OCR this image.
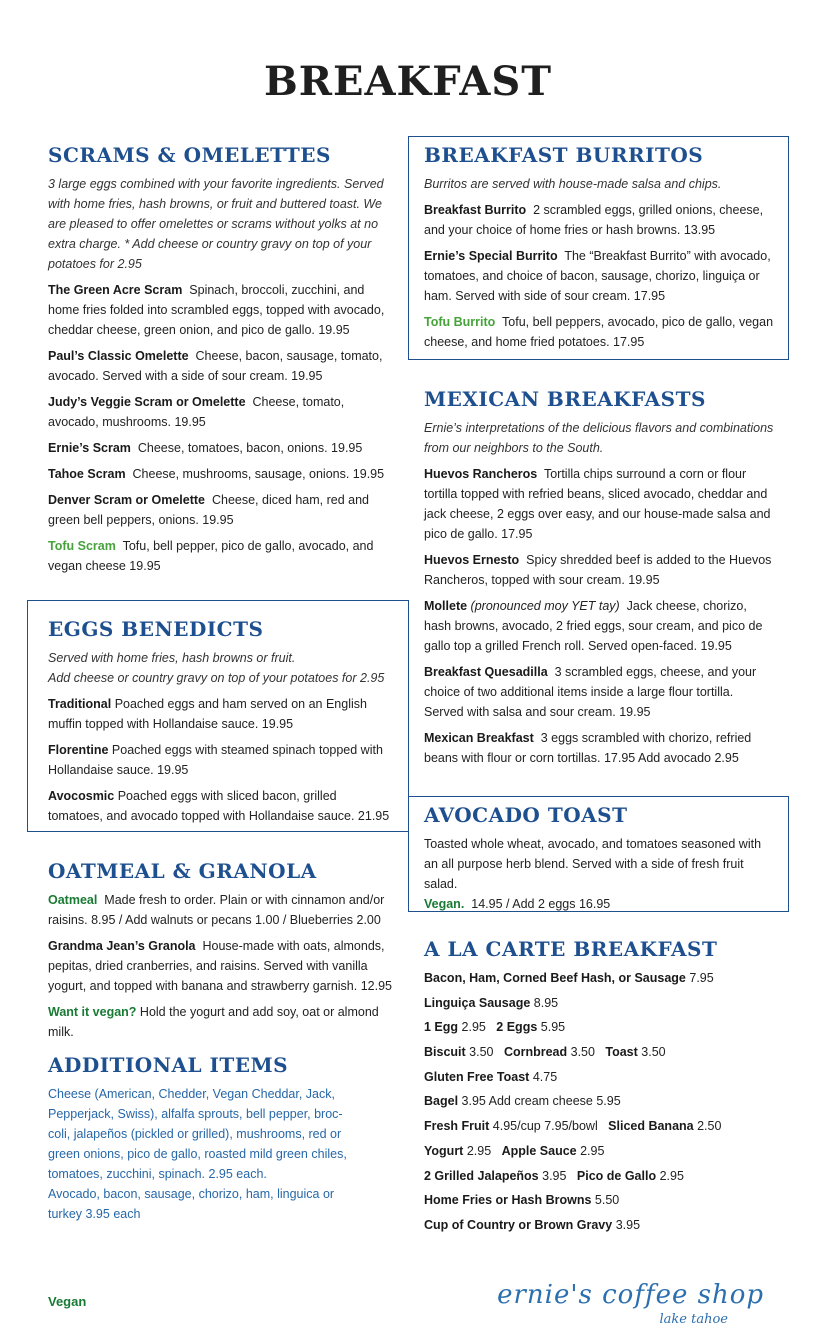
BREAKFAST
SCRAMS & OMELETTES
3 large eggs combined with your favorite ingredients. Served with home fries, hash browns, or fruit and buttered toast. We are pleased to offer omelettes or scrams without yolks at no extra charge. * Add cheese or country gravy on top of your potatoes for 2.95
The Green Acre Scram Spinach, broccoli, zucchini, and home fries folded into scrambled eggs, topped with avocado, cheddar cheese, green onion, and pico de gallo. 19.95
Paul’s Classic Omelette Cheese, bacon, sausage, tomato, avocado. Served with a side of sour cream. 19.95
Judy’s Veggie Scram or Omelette Cheese, tomato, avocado, mushrooms. 19.95
Ernie’s Scram Cheese, tomatoes, bacon, onions. 19.95
Tahoe Scram Cheese, mushrooms, sausage, onions. 19.95
Denver Scram or Omelette Cheese, diced ham, red and green bell peppers, onions. 19.95
Tofu Scram Tofu, bell pepper, pico de gallo, avocado, and vegan cheese 19.95
EGGS BENEDICTS
Served with home fries, hash browns or fruit.
Add cheese or country gravy on top of your potatoes for 2.95
Traditional Poached eggs and ham served on an English muffin topped with Hollandaise sauce. 19.95
Florentine Poached eggs with steamed spinach topped with Hollandaise sauce. 19.95
Avocosmic Poached eggs with sliced bacon, grilled tomatoes, and avocado topped with Hollandaise sauce. 21.95
OATMEAL & GRANOLA
Oatmeal Made fresh to order. Plain or with cinnamon and/or raisins. 8.95 / Add walnuts or pecans 1.00 / Blueberries 2.00
Grandma Jean’s Granola House-made with oats, almonds, pepitas, dried cranberries, and raisins. Served with vanilla yogurt, and topped with banana and strawberry garnish. 12.95
Want it vegan? Hold the yogurt and add soy, oat or almond milk.
ADDITIONAL ITEMS
Cheese (American, Chedder, Vegan Cheddar, Jack, Pepperjack, Swiss), alfalfa sprouts, bell pepper, broc-coli, jalapeños (pickled or grilled), mushrooms, red or green onions, pico de gallo, roasted mild green chiles, tomatoes, zucchini, spinach. 2.95 each.
Avocado, bacon, sausage, chorizo, ham, linguica or turkey 3.95 each
BREAKFAST BURRITOS
Burritos are served with house-made salsa and chips.
Breakfast Burrito 2 scrambled eggs, grilled onions, cheese, and your choice of home fries or hash browns. 13.95
Ernie’s Special Burrito The “Breakfast Burrito” with avocado, tomatoes, and choice of bacon, sausage, chorizo, linguiça or ham. Served with side of sour cream. 17.95
Tofu Burrito Tofu, bell peppers, avocado, pico de gallo, vegan cheese, and home fried potatoes. 17.95
MEXICAN BREAKFASTS
Ernie’s interpretations of the delicious flavors and combinations from our neighbors to the South.
Huevos Rancheros Tortilla chips surround a corn or flour tortilla topped with refried beans, sliced avocado, cheddar and jack cheese, 2 eggs over easy, and our house-made salsa and pico de gallo. 17.95
Huevos Ernesto Spicy shredded beef is added to the Huevos Rancheros, topped with sour cream. 19.95
Mollete (pronounced moy YET tay) Jack cheese, chorizo, hash browns, avocado, 2 fried eggs, sour cream, and pico de gallo top a grilled French roll. Served open-faced. 19.95
Breakfast Quesadilla 3 scrambled eggs, cheese, and your choice of two additional items inside a large flour tortilla. Served with salsa and sour cream. 19.95
Mexican Breakfast 3 eggs scrambled with chorizo, refried beans with flour or corn tortillas. 17.95 Add avocado 2.95
AVOCADO TOAST
Toasted whole wheat, avocado, and tomatoes seasoned with an all purpose herb blend. Served with a side of fresh fruit salad.
Vegan. 14.95 / Add 2 eggs 16.95
A LA CARTE BREAKFAST
Bacon, Ham, Corned Beef Hash, or Sausage 7.95
Linguiça Sausage 8.95
1 Egg 2.95 2 Eggs 5.95
Biscuit 3.50 Cornbread 3.50 Toast 3.50
Gluten Free Toast 4.75
Bagel 3.95 Add cream cheese 5.95
Fresh Fruit 4.95/cup 7.95/bowl Sliced Banana 2.50
Yogurt 2.95 Apple Sauce 2.95
2 Grilled Jalapeños 3.95 Pico de Gallo 2.95
Home Fries or Hash Browns 5.50
Cup of Country or Brown Gravy 3.95
Vegan	ernie's coffee shop
lake tahoe
